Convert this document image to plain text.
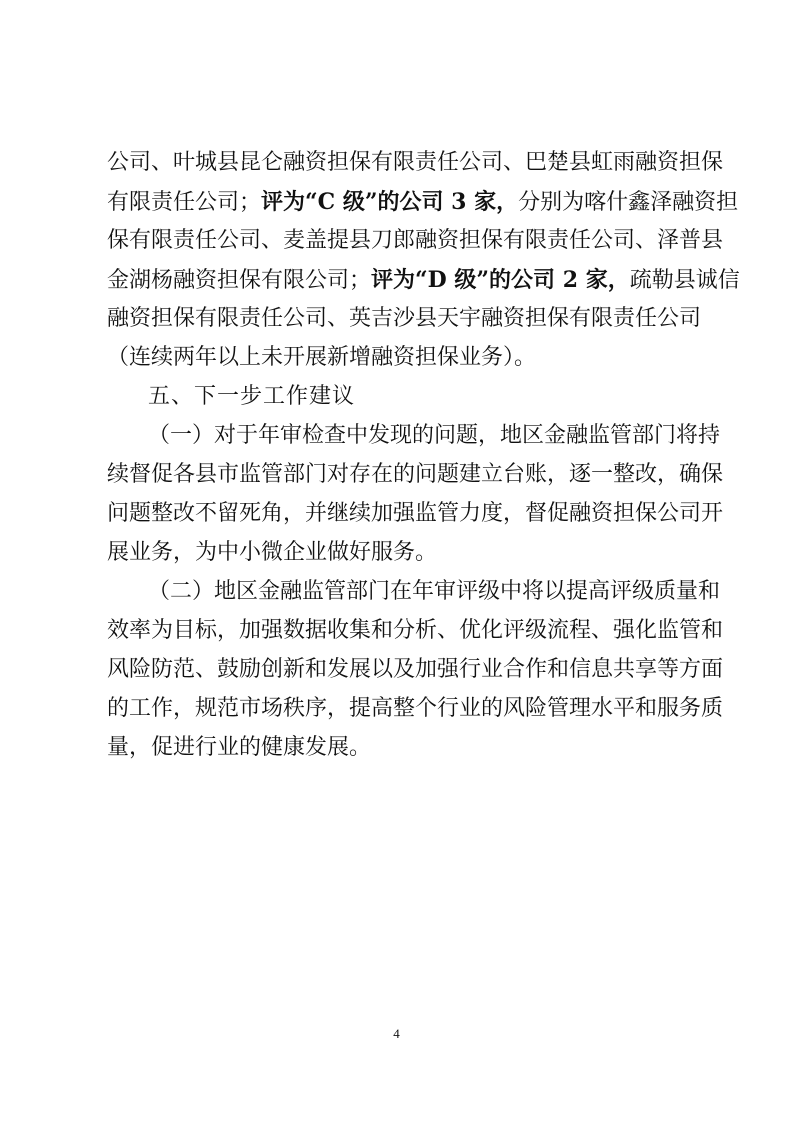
公司、叶城县昆仑融资担保有限责任公司、巴楚县虹雨融资担保
有限责任公司；评为“C 级”的公司 3 家，分别为喀什鑫泽融资担
保有限责任公司、麦盖提县刀郎融资担保有限责任公司、泽普县
金湖杨融资担保有限公司；评为“D 级”的公司 2 家，疏勒县诚信
融资担保有限责任公司、英吉沙县天宇融资担保有限责任公司
（连续两年以上未开展新增融资担保业务）。
五、下一步工作建议
（一）对于年审检查中发现的问题，地区金融监管部门将持
续督促各县市监管部门对存在的问题建立台账，逐一整改，确保
问题整改不留死角，并继续加强监管力度，督促融资担保公司开
展业务，为中小微企业做好服务。
（二）地区金融监管部门在年审评级中将以提高评级质量和
效率为目标，加强数据收集和分析、优化评级流程、强化监管和
风险防范、鼓励创新和发展以及加强行业合作和信息共享等方面
的工作，规范市场秩序，提高整个行业的风险管理水平和服务质
量，促进行业的健康发展。
4
